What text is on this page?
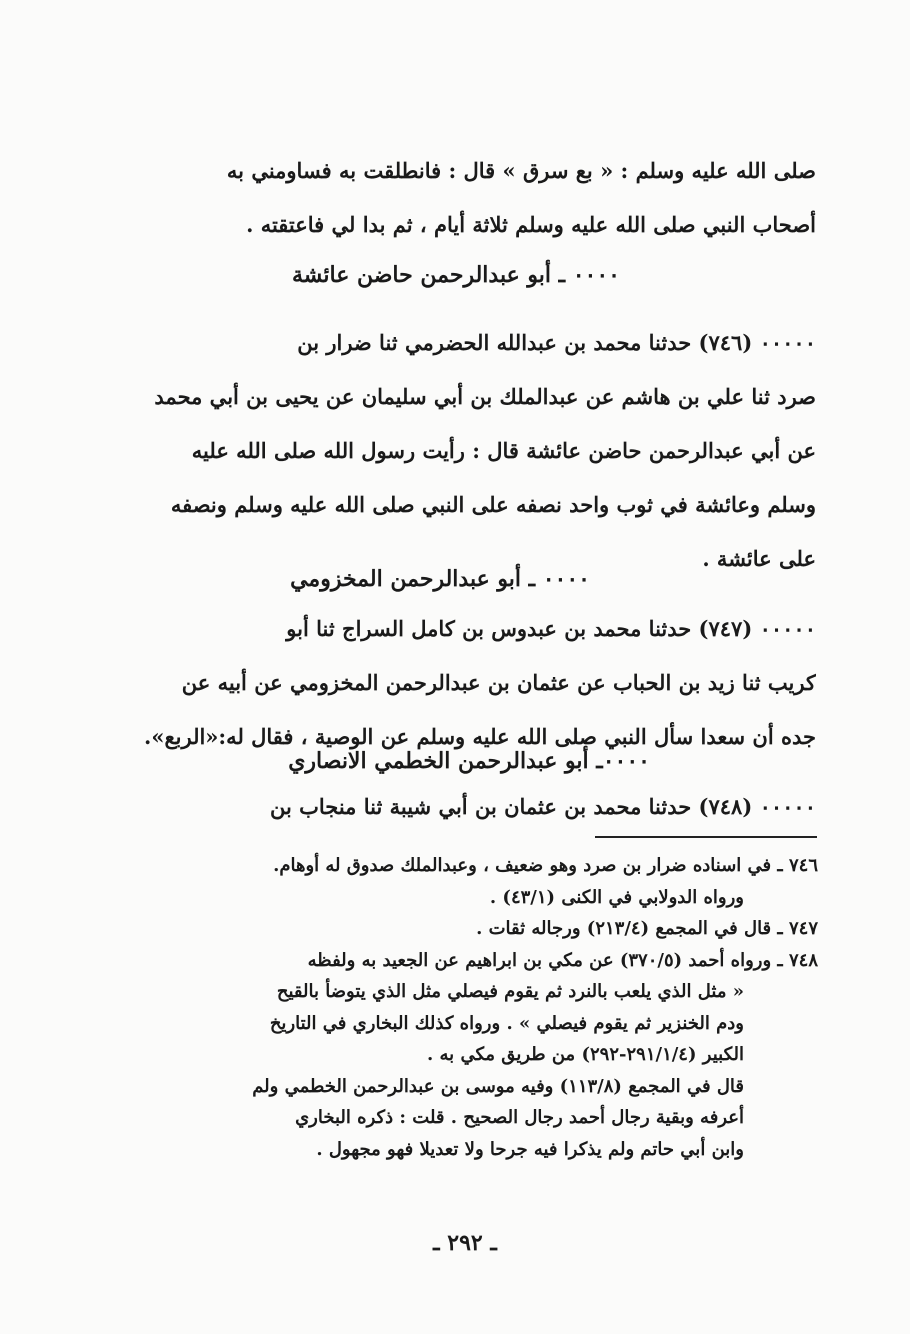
صلى الله عليه وسلم : « بع سرق » قال : فانطلقت به فساومني به
أصحاب النبي صلى الله عليه وسلم ثلاثة أيام ، ثم بدا لي فاعتقته .
٠٠٠٠ ـ أبو عبدالرحمن حاضن عائشة
٠٠٠٠٠ (٧٤٦) حدثنا محمد بن عبدالله الحضرمي ثنا ضرار بن
صرد ثنا علي بن هاشم عن عبدالملك بن أبي سليمان عن يحيى بن أبي محمد
عن أبي عبدالرحمن حاضن عائشة قال : رأيت رسول الله صلى الله عليه
وسلم وعائشة في ثوب واحد نصفه على النبي صلى الله عليه وسلم ونصفه
على عائشة .
٠٠٠٠ ـ أبو عبدالرحمن المخزومي
٠٠٠٠٠ (٧٤٧) حدثنا محمد بن عبدوس بن كامل السراج ثنا أبو
كريب ثنا زيد بن الحباب عن عثمان بن عبدالرحمن المخزومي عن أبيه عن
جده أن سعدا سأل النبي صلى الله عليه وسلم عن الوصية ، فقال له:«الربع».
٠٠٠٠ـ أبو عبدالرحمن الخطمي الانصاري
٠٠٠٠٠ (٧٤٨) حدثنا محمد بن عثمان بن أبي شيبة ثنا منجاب بن
٧٤٦ ـ في اسناده ضرار بن صرد وهو ضعيف ، وعبدالملك صدوق له أوهام.
ورواه الدولابي في الكنى (٤٣/١) .
٧٤٧ ـ قال في المجمع (٢١٣/٤) ورجاله ثقات .
٧٤٨ ـ ورواه أحمد (٣٧٠/٥) عن مكي بن ابراهيم عن الجعيد به ولفظه
« مثل الذي يلعب بالنرد ثم يقوم فيصلي مثل الذي يتوضأ بالقيح
ودم الخنزير ثم يقوم فيصلي » . ورواه كذلك البخاري في التاريخ
الكبير (٢٩١/١/٤-٢٩٢) من طريق مكي به .
قال في المجمع (١١٣/٨) وفيه موسى بن عبدالرحمن الخطمي ولم
أعرفه وبقية رجال أحمد رجال الصحيح . قلت : ذكره البخاري
وابن أبي حاتم ولم يذكرا فيه جرحا ولا تعديلا فهو مجهول .
ـ ٢٩٢ ـ
